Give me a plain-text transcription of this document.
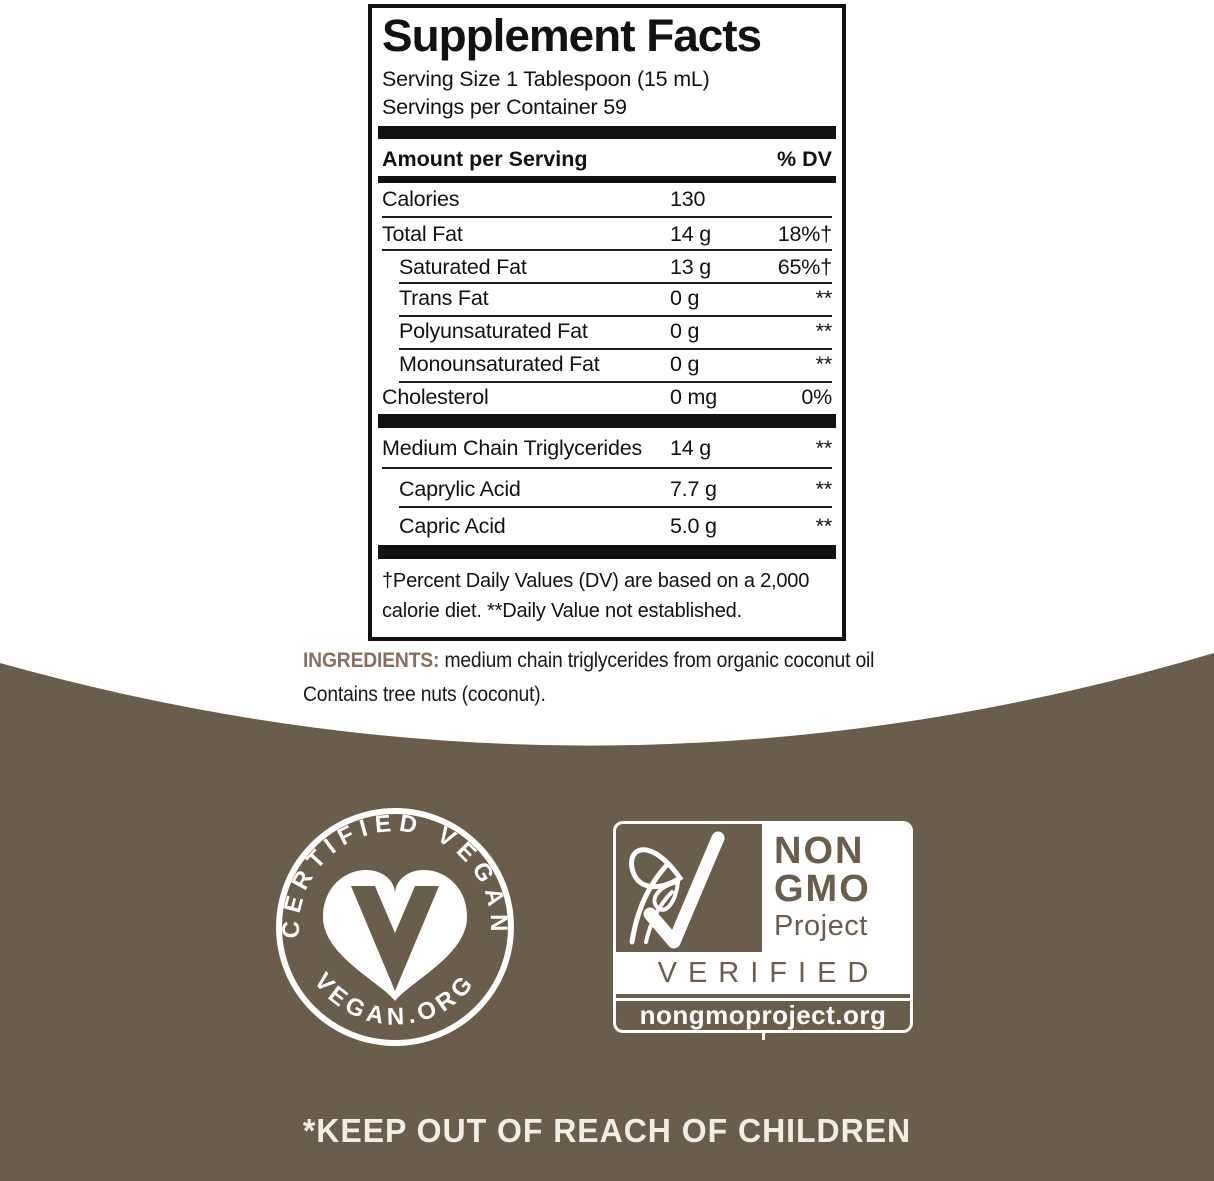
Supplement Facts
Serving Size 1 Tablespoon (15 mL)
Servings per Container 59
Amount per Serving	% DV
Calories	130
Total Fat	14 g	18%†
Saturated Fat	13 g	65%†
Trans Fat	0 g	**
Polyunsaturated Fat	0 g	**
Monounsaturated Fat	0 g	**
Cholesterol	0 mg	0%
Medium Chain Triglycerides 14 g	**
Caprylic Acid	7.7 g	**
Capric Acid	5.0 g	**
†Percent Daily Values (DV) are based on a 2,000 calorie diet. **Daily Value not established.
INGREDIENTS: medium chain triglycerides from organic coconut oil
Contains tree nuts (coconut).
CERTIFIED VEGAN
VEGAN.ORG
NON
GMO
Project
VERIFIED
nongmoproject.org
*KEEP OUT OF REACH OF CHILDREN
